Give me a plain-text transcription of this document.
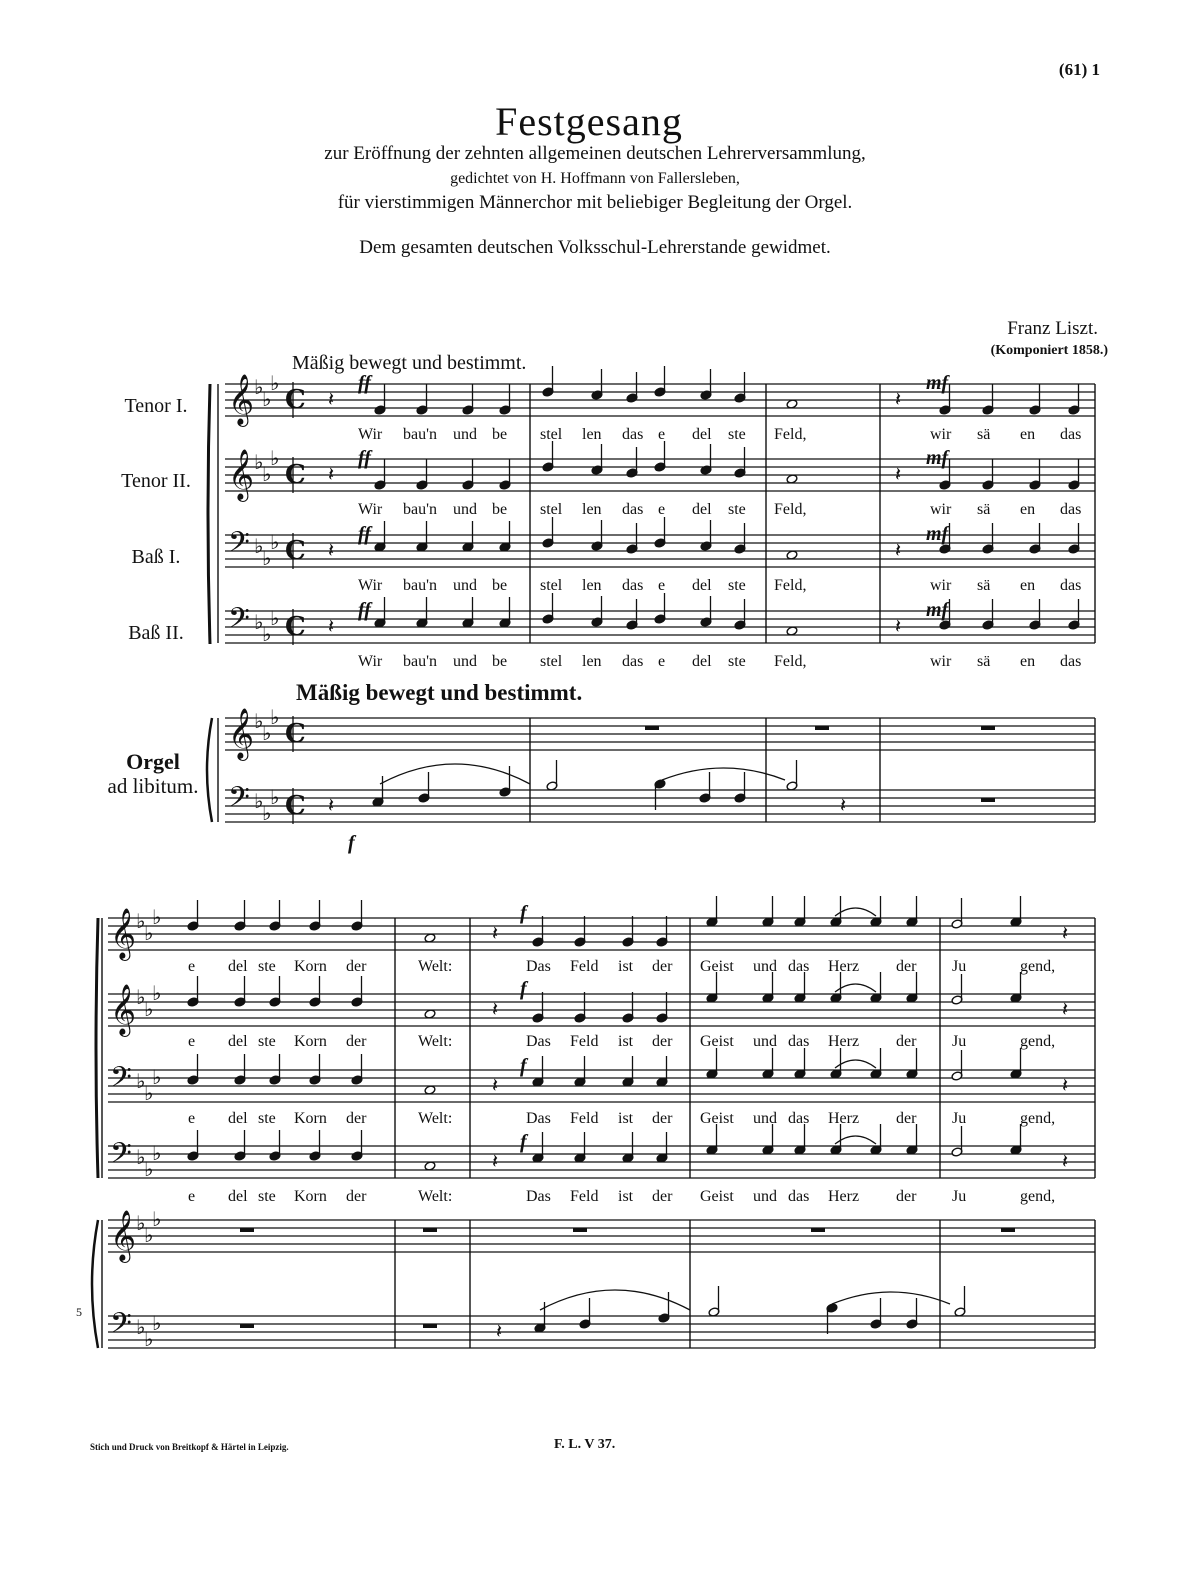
(61) 1
Festgesang
zur Eröffnung der zehnten allgemeinen deutschen Lehrerversammlung,
gedichtet von H. Hoffmann von Fallersleben,
für vierstimmigen Männerchor mit beliebiger Begleitung der Orgel.
Dem gesamten deutschen Volksschul-Lehrerstande gewidmet.
Franz Liszt.
(Komponiert 1858.)
Mäßig bewegt und bestimmt.
Mäßig bewegt und bestimmt.
Tenor I.
Tenor II.
Baß I.
Baß II.
Orgel
ad libitum.
𝄞 ♭
♭
♭
C
𝄞 ♭
♭
♭
C
𝄢 ♭
♭
♭ C
𝄢 ♭
♭
♭ C
𝄞 ♭
♭
♭
C
𝄢 ♭
♭
♭ C
𝄞 ♭
♭
♭
𝄞 ♭
♭
♭
𝄢 ♭
♭
♭
𝄢 ♭
♭
♭
𝄞 ♭
♭
♭
𝄢 ♭
♭
♭
𝄽	𝄽
𝄽	𝄽
𝄽	𝄽
𝄽	𝄽
𝄽	𝄽
𝄽	𝄽
𝄽	𝄽
𝄽	𝄽
𝄽	𝄽
𝄽
Wir bau'n und be stel len das e del ste Feld,	wir sä en das
Wir bau'n und be stel len das e del ste Feld,	wir sä en das
Wir bau'n und be stel len das e del ste Feld,	wir sä en das
Wir bau'n und be stel len das e del ste Feld,	wir sä en das
e del ste Korn der	Welt:	Das Feld ist der Geist und das Herz der Ju	gend,
e del ste Korn der	Welt:	Das Feld ist der Geist und das Herz der Ju	gend,
e del ste Korn der	Welt:	Das Feld ist der Geist und das Herz der Ju	gend,
e del ste Korn der	Welt:	Das Feld ist der Geist und das Herz der Ju	gend,
ff	mf
ff	mf
ff	mf
ff	mf
f
f
f
f
f
5
Stich und Druck von Breitkopf & Härtel in Leipzig.	F. L. V 37.
